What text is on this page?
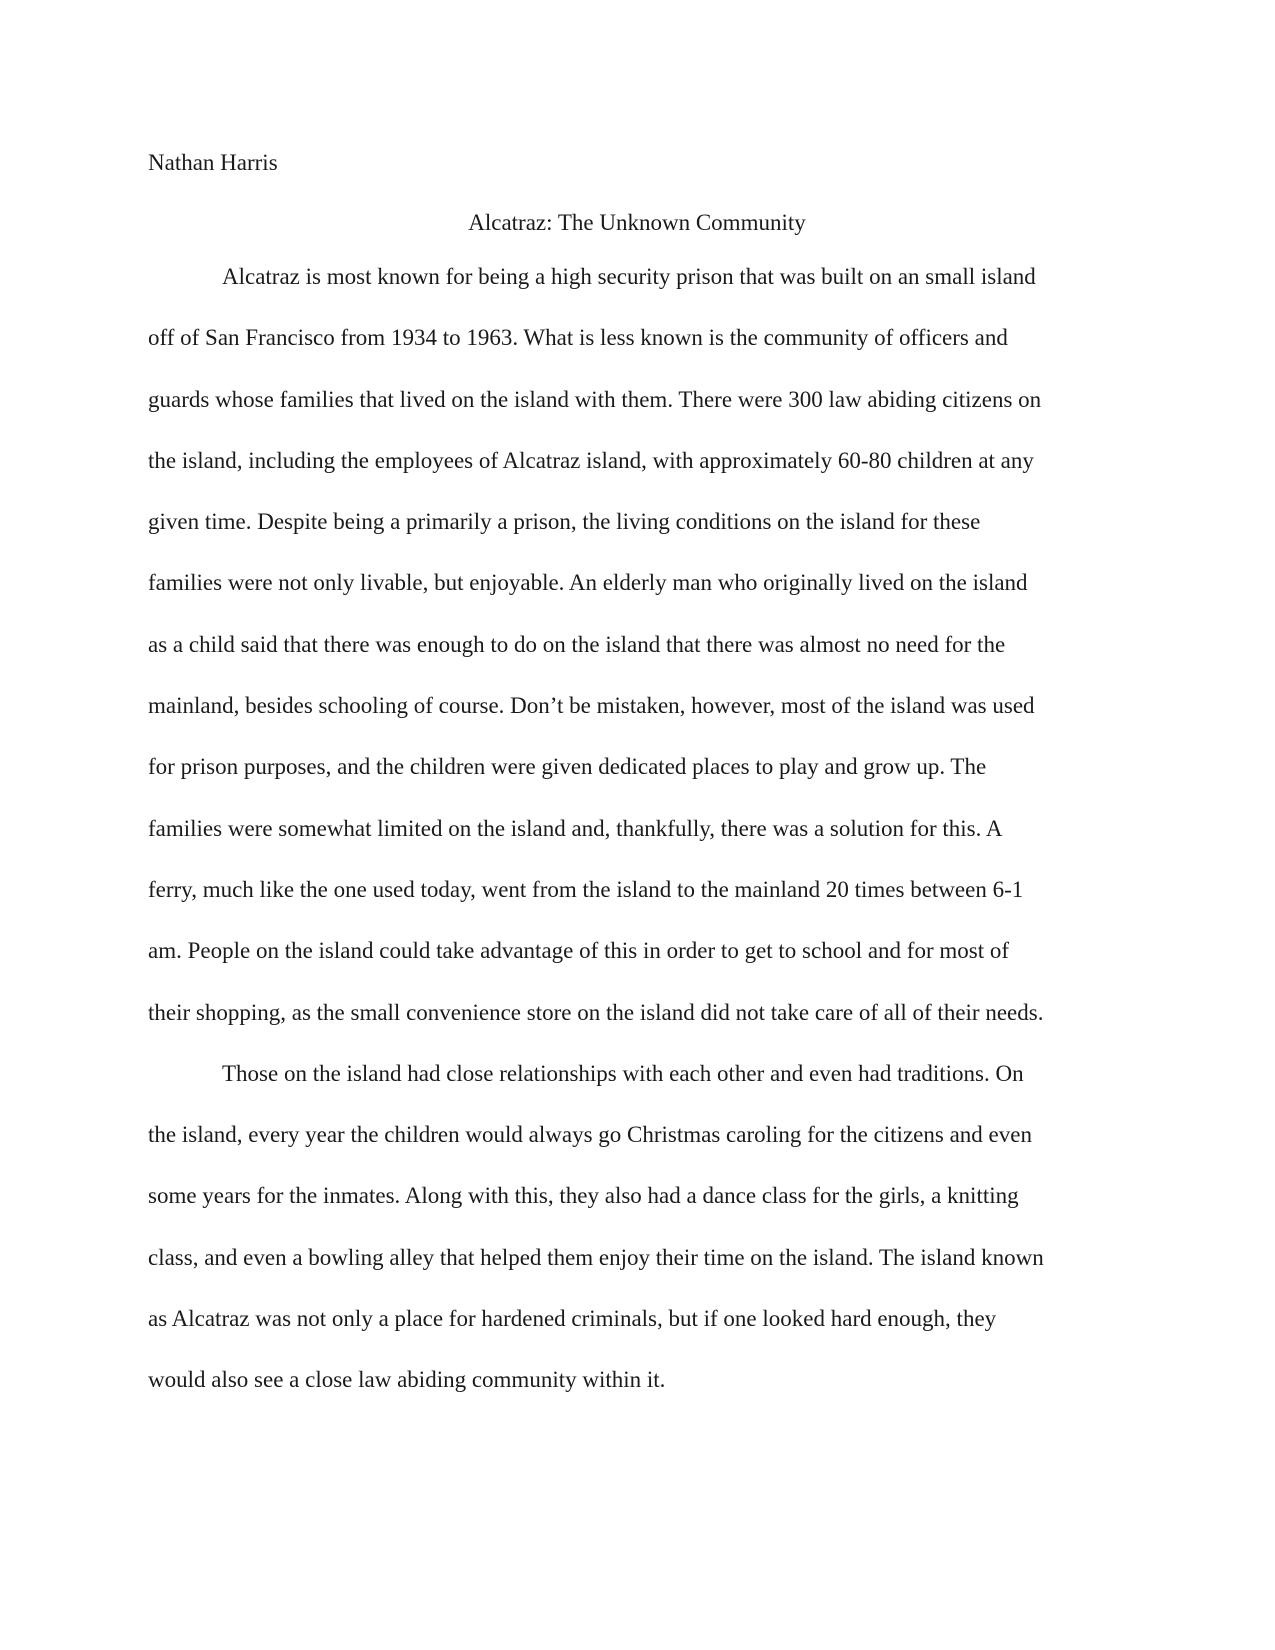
Nathan Harris

Alcatraz: The Unknown Community
Alcatraz is most known for being a high security prison that was built on an small island
off of San Francisco from 1934 to 1963. What is less known is the community of officers and
guards whose families that lived on the island with them. There were 300 law abiding citizens on
the island, including the employees of Alcatraz island, with approximately 60-80 children at any
given time. Despite being a primarily a prison, the living conditions on the island for these
families were not only livable, but enjoyable. An elderly man who originally lived on the island
as a child said that there was enough to do on the island that there was almost no need for the
mainland, besides schooling of course. Don’t be mistaken, however, most of the island was used
for prison purposes, and the children were given dedicated places to play and grow up. The
families were somewhat limited on the island and, thankfully, there was a solution for this. A
ferry, much like the one used today, went from the island to the mainland 20 times between 6-1
am. People on the island could take advantage of this in order to get to school and for most of
their shopping, as the small convenience store on the island did not take care of all of their needs.
Those on the island had close relationships with each other and even had traditions. On
the island, every year the children would always go Christmas caroling for the citizens and even
some years for the inmates. Along with this, they also had a dance class for the girls, a knitting
class, and even a bowling alley that helped them enjoy their time on the island. The island known
as Alcatraz was not only a place for hardened criminals, but if one looked hard enough, they
would also see a close law abiding community within it.
